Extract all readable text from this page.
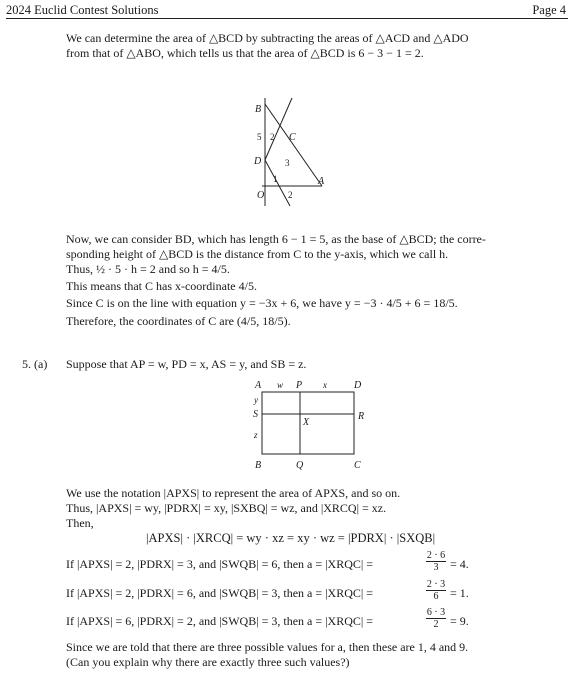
2024 Euclid Contest Solutions	Page 4
We can determine the area of △BCD by subtracting the areas of △ACD and △ADO
from that of △ABO, which tells us that the area of △BCD is 6 − 3 − 1 = 2.
B
C
D
A
O
5 2
3
1
2
Now, we can consider BD, which has length 6 − 1 = 5, as the base of △BCD; the corre-
sponding height of △BCD is the distance from C to the y-axis, which we call h.
Thus, ½ · 5 · h = 2 and so h = 4/5.
This means that C has x-coordinate 4/5.
Since C is on the line with equation y = −3x + 6, we have y = −3 · 4/5 + 6 = 18/5.
Therefore, the coordinates of C are (4/5, 18/5).
5. (a) Suppose that AP = w, PD = x, AS = y, and SB = z.
A w P x	D
y
S	R
X
z
B	Q	C
We use the notation |APXS| to represent the area of APXS, and so on.
Thus, |APXS| = wy, |PDRX| = xy, |SXBQ| = wz, and |XRCQ| = xz.
Then,
|APXS| · |XRCQ| = wy · xz = xy · wz = |PDRX| · |SXQB|
If |APXS| = 2, |PDRX| = 3, and |SWQB| = 6, then a = |XRQC| =	$\frac{2 \cdot 6}{3} = 4$.
If |APXS| = 2, |PDRX| = 6, and |SWQB| = 3, then a = |XRQC| =	$\frac{2 \cdot 3}{6} = 1$.
If |APXS| = 6, |PDRX| = 2, and |SWQB| = 3, then a = |XRQC| =	$\frac{6 \cdot 3}{2} = 9$.
Since we are told that there are three possible values for a, then these are 1, 4 and 9.
(Can you explain why there are exactly three such values?)
